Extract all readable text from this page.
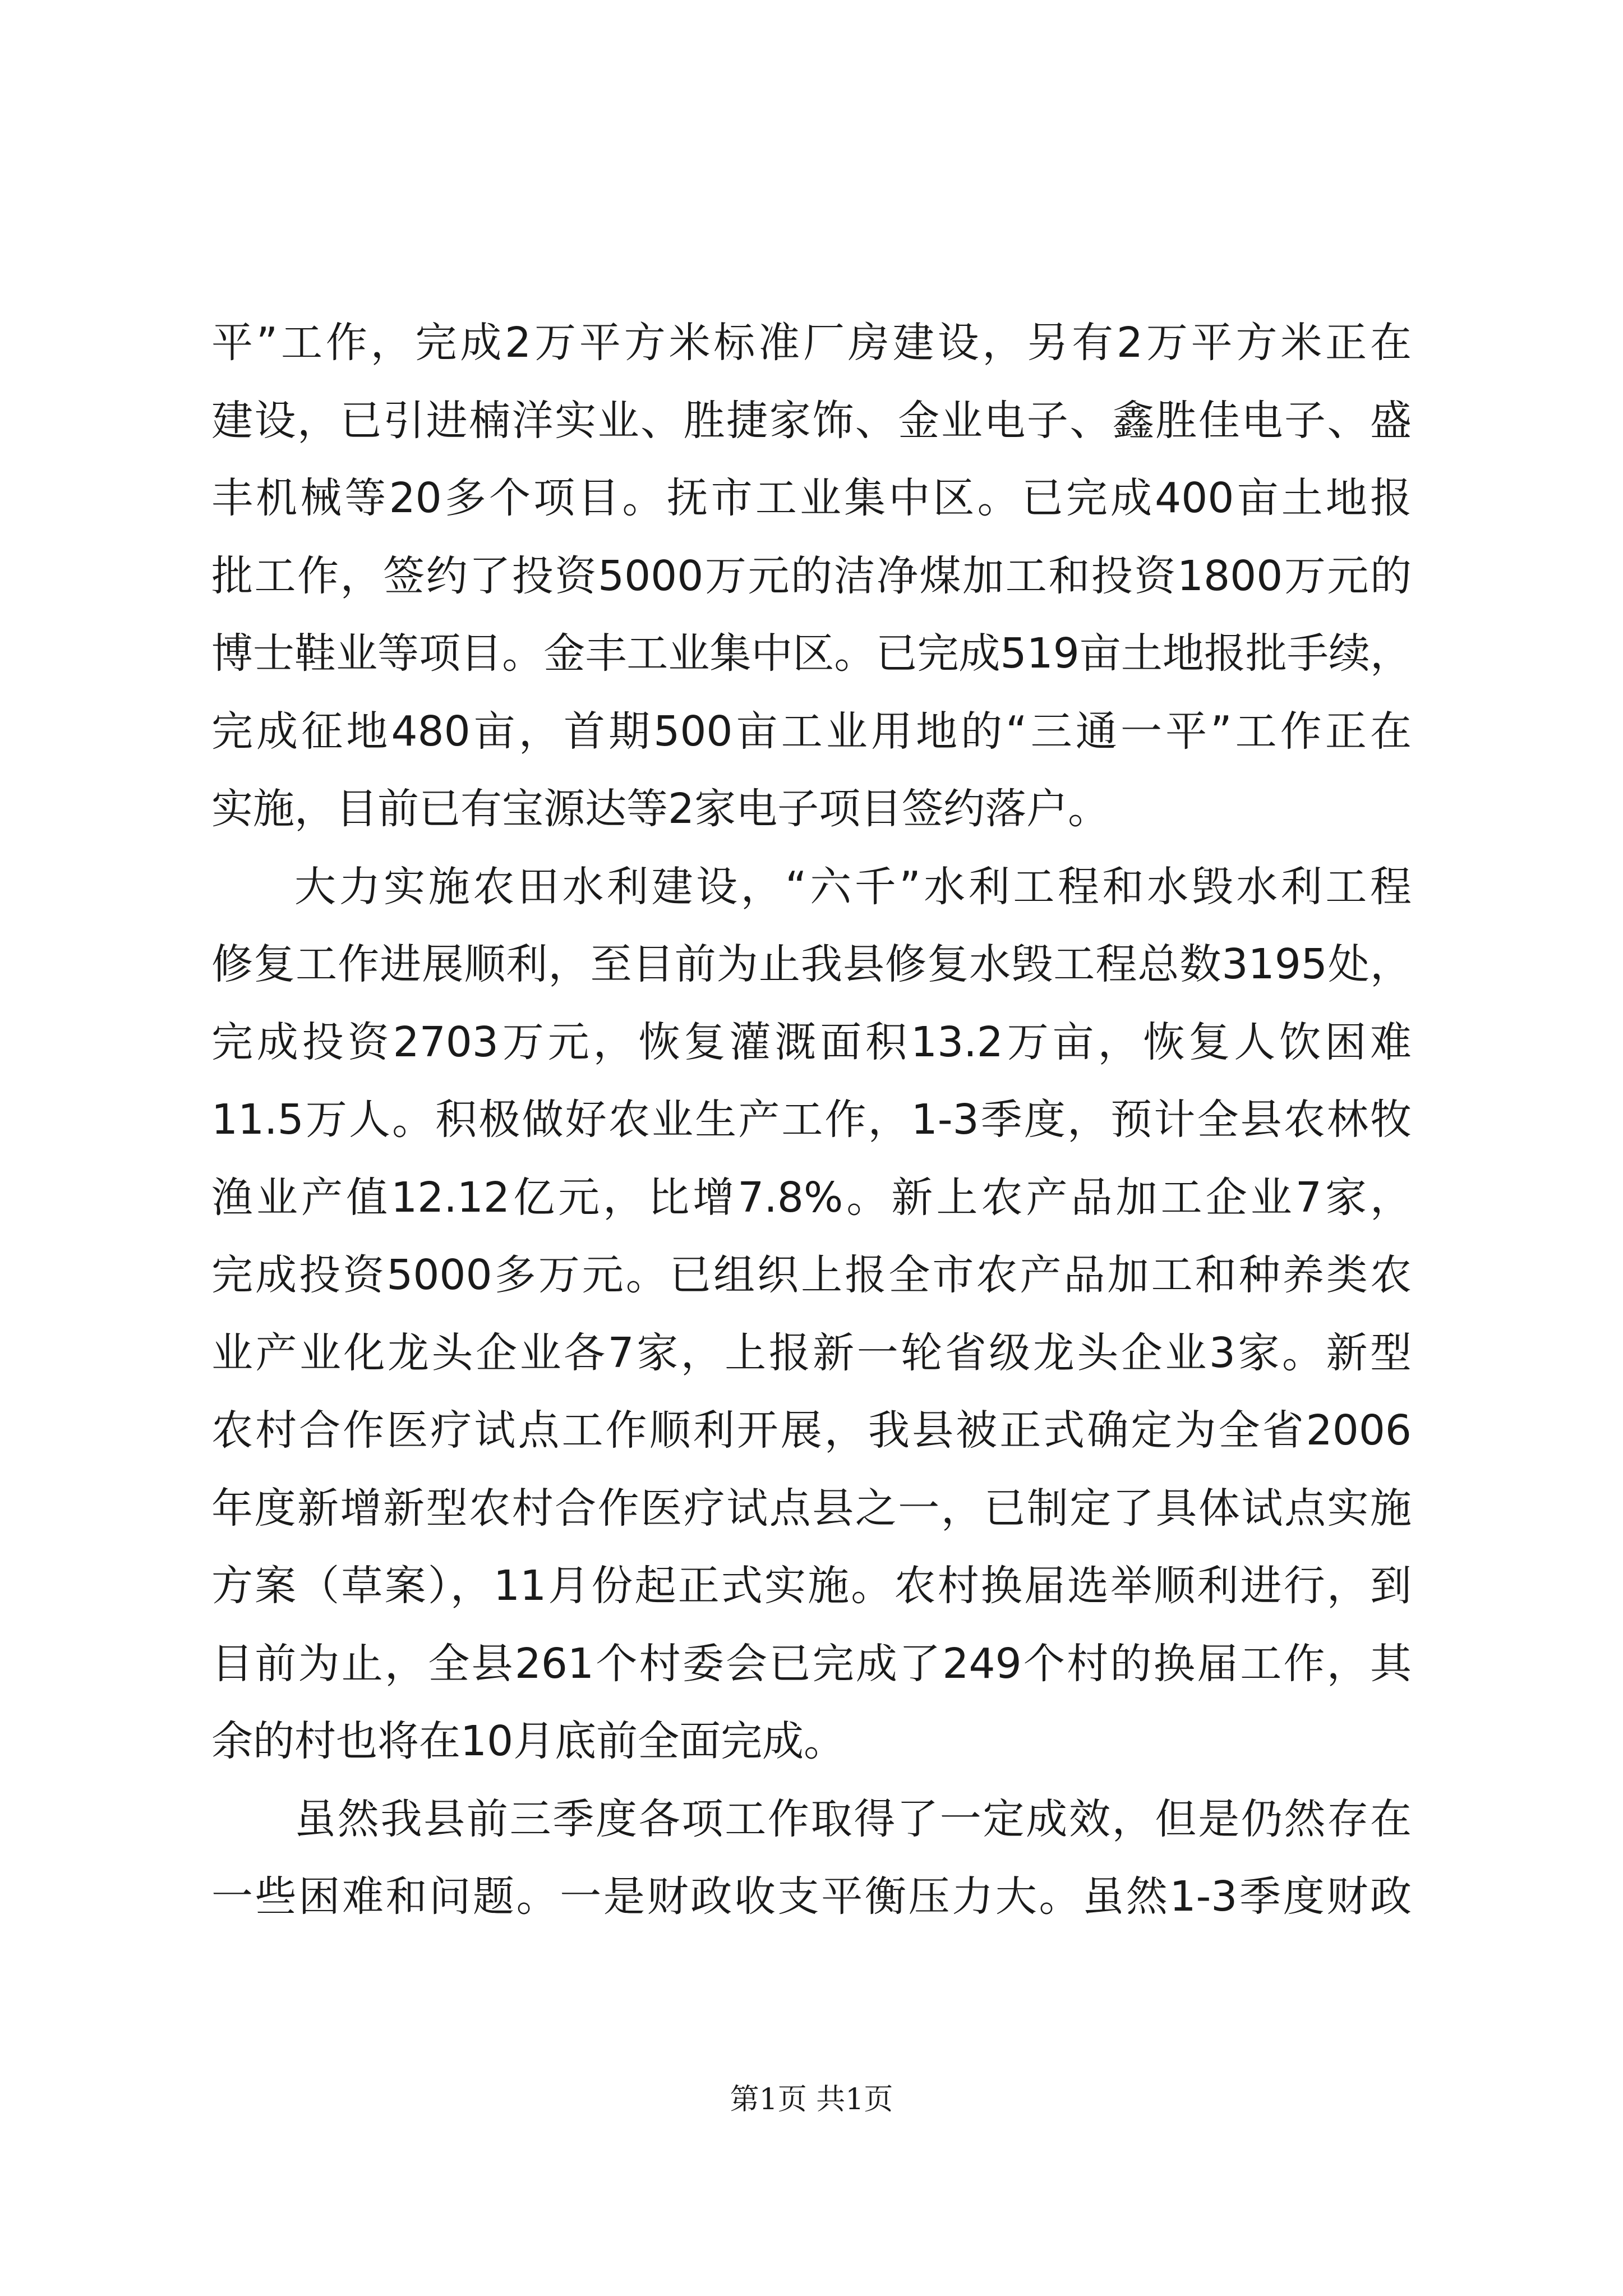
平”工作，完成2万平方米标准厂房建设，另有2万平方米正在
建设，已引进楠洋实业、胜捷家饰、金业电子、鑫胜佳电子、盛
丰机械等20多个项目。抚市工业集中区。已完成400亩土地报
批工作，签约了投资5000万元的洁净煤加工和投资1800万元的
博士鞋业等项目。金丰工业集中区。已完成519亩土地报批手续，
完成征地480亩，首期500亩工业用地的“三通一平”工作正在
实施，目前已有宝源达等2家电子项目签约落户。
大力实施农田水利建设，“六千”水利工程和水毁水利工程
修复工作进展顺利，至目前为止我县修复水毁工程总数3195处，
完成投资2703万元，恢复灌溉面积13.2万亩，恢复人饮困难
11.5万人。积极做好农业生产工作，1-3季度，预计全县农林牧
渔业产值12.12亿元，比增7.8%。新上农产品加工企业7家，
完成投资5000多万元。已组织上报全市农产品加工和种养类农
业产业化龙头企业各7家，上报新一轮省级龙头企业3家。新型
农村合作医疗试点工作顺利开展，我县被正式确定为全省2006
年度新增新型农村合作医疗试点县之一，已制定了具体试点实施
方案（草案），11月份起正式实施。农村换届选举顺利进行，到
目前为止，全县261个村委会已完成了249个村的换届工作，其
余的村也将在10月底前全面完成。
虽然我县前三季度各项工作取得了一定成效，但是仍然存在
一些困难和问题。一是财政收支平衡压力大。虽然1-3季度财政
第1页 共1页
